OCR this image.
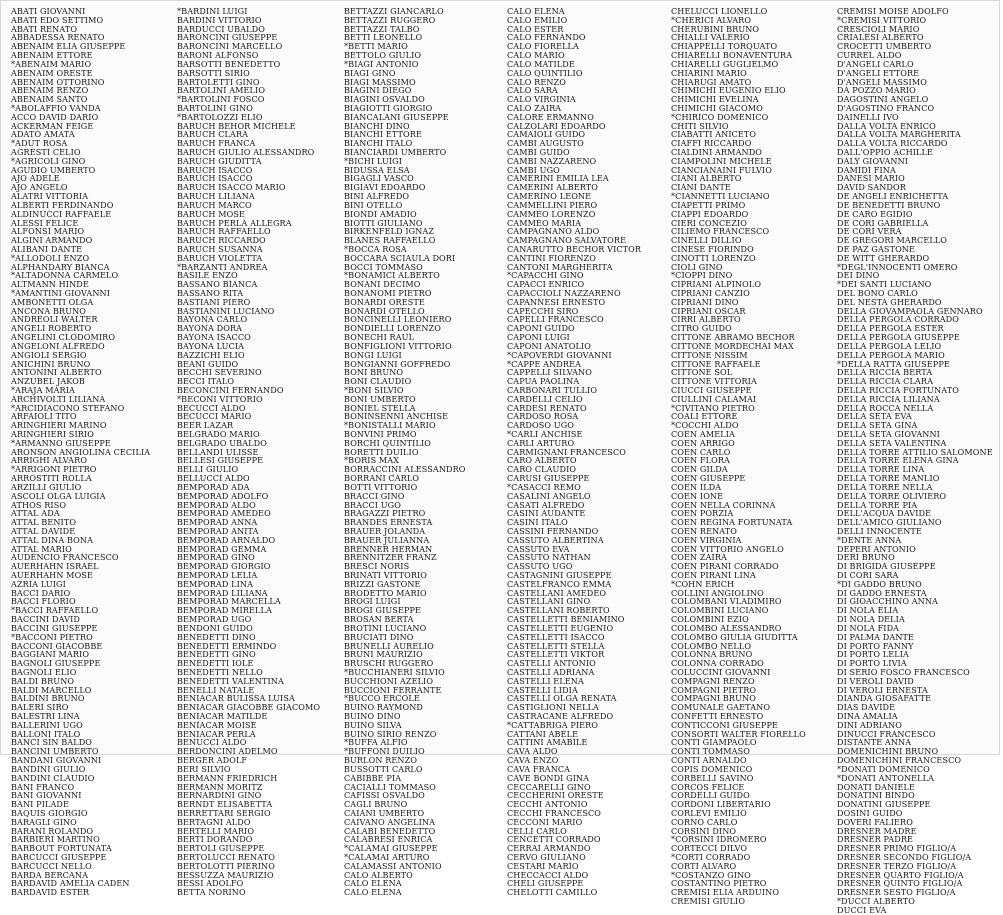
ABATI GIOVANNI
ABATI EDO SETTIMO
ABATI RENATO
ABBADESSA RENATO
ABENAIM ELIA GIUSEPPE
ABENAIM ETTORE
*ABENAIM MARIO
ABENAIM ORESTE
ABENAIM OTTORINO
ABENAIM RENZO
ABENAIM SANTO
*ABOLAFFIO VANDA
ACCO DAVID DARIO
ACKERMAN FEIGE
ADATO AMATA
*ADUT ROSA
AGRESTI CELIO
*AGRICOLI GINO
AGUDIO UMBERTO
AJO ADELE
AJO ANGELO
ALATRI VITTORIA
ALBERTI FERDINANDO
ALDINUCCI RAFFAELE
ALESSI FELICE
ALFONSI MARIO
ALGINI ARMANDO
ALIBANI DANTE
*ALLODOLI ENZO
ALPHANDARY BIANCA
*ALTADONNA CARMELO
ALTMANN HINDE
*AMANTINI GIOVANNI
AMBONETTI OLGA
ANCONA BRUNO
ANDREOLI WALTER
ANGELI ROBERTO
ANGELINI CLODOMIRO
ANGELONI ALFREDO
ANGIOLI SERGIO
ANICHINI BRUNO
ANTONINI ALBERTO
ANZUBEL JAKOB
*ARAJA MARIA
ARCHIVOLTI LILIANA
*ARCIDIACONO STEFANO
ARFAIOLI TITO
ARINGHIERI MARINO
ARINGHIERI SIRIO
*ARMANNO GIUSEPPE
ARONSON ANGIOLINA CECILIA
ARRIGHI ALVARO
*ARRIGONI PIETRO
ARROSTITI ROLLA
ARZILLI GIULIO
ASCOLI OLGA LUIGIA
ATHOS RISO
ATTAL ADA
ATTAL BENITO
ATTAL DAVIDE
ATTAL DINA BONA
ATTAL MARIO
AUDENCIO FRANCESCO
AUERHAHN ISRAEL
AUERHAHN MOSE
AZRIA LUIGI
BACCI DARIO
BACCI FLORIO
*BACCI RAFFAELLO
BACCINI DAVID
BACCINI GIUSEPPE
*BACCONI PIETRO
BACCONI GIACOBBE
BAGGIANI MARIO
BAGNOLI GIUSEPPE
BAGNOLI ELIO
BALDI BRUNO
BALDI MARCELLO
BALDINI BRUNO
BALERI SIRO
BALESTRI LINA
BALLERINI UGO
BALLONI ITALO
BANCI SIN BALDO
BANCINI UMBERTO
BANDANI GIOVANNI
BANDINI GIULIO
BANDINI CLAUDIO
BANI FRANCO
BANI GIOVANNI
BANI PILADE
BAQUIS GIORGIO
BARAGLI GINO
BARANI ROLANDO
BARBIERI MARTINO
BARBOUT FORTUNATA
BARCUCCI GIUSEPPE
BARCUCCI NELLO
BARDA BERCANA
BARDAVID AMELIA CADEN
BARDAVID ESTER
*BARDINI LUIGI
BARDINI VITTORIO
BARDUCCI UBALDO
BARONCINI GIUSEPPE
BARONCINI MARCELLO
BARONI ALFONSO
BARSOTTI BENEDETTO
BARSOTTI SIRIO
BARTOLETTI GINO
BARTOLINI AMELIO
*BARTOLINI FOSCO
BARTOLINI GINO
*BARTOLOZZI ELIO
BARUCH BEHOR MICHELE
BARUCH CLARA
BARUCH FRANCA
BARUCH GIULIO ALESSANDRO
BARUCH GIUDITTA
BARUCH ISACCO
BARUCH ISACCO
BARUCH ISACCO MARIO
BARUCH LILIANA
BARUCH MARCO
BARUCH MOSE
BARUCH PERLA ALLEGRA
BARUCH RAFFAELLO
BARUCH RICCARDO
BARUCH SUSANNA
BARUCH VIOLETTA
*BARZANTI ANDREA
BASILE ENZO
BASSANO BIANCA
BASSANO RITA
BASTIANI PIERO
BASTIANINI LUCIANO
BAYONA CARLO
BAYONA DORA
BAYONA ISACCO
BAYONA LUCIA
BAZZICHI ELIO
BEANI GUIDO
BECCHI SEVERINO
BECCI ITALO
BECONCINI FERNANDO
*BECONI VITTORIO
BECUCCI ALDO
BECUCCI MARIO
BEER LAZAR
BELGRADO MARIO
BELGRADO UBALDO
BELLANDI ULISSE
BELLESI GIUSEPPE
BELLI GIULIO
BELLUCCI ALDO
BEMPORAD ADA
BEMPORAD ADOLFO
BEMPORAD ALDO
BEMPORAD AMEDEO
BEMPORAD ANNA
BEMPORAD ANITA
BEMPORAD ARNALDO
BEMPORAD GEMMA
BEMPORAD GINO
BEMPORAD GIORGIO
BEMPORAD LELIA
BEMPORAD LINA
BEMPORAD LILIANA
BEMPORAD MARCELLA
BEMPORAD MIRELLA
BEMPORAD UGO
BENDONI GUIDO
BENEDETTI DINO
BENEDETTI ERMINDO
BENEDETTI GINO
BENEDETTI IOLE
BENEDETTI NELLO
BENEDETTI VALENTINA
BENELLI NATALE
BENIACAR BULISSA LUISA
BENIACAR GIACOBBE GIACOMO
BENIACAR MATILDE
BENIACAR MOISE
BENIACAR PERLA
BENUCCI ALDO
BERDONCINI ADELMO
BERGER ADOLF
BERI SILVIO
BERMANN FRIEDRICH
BERMANN MORITZ
BERNARDINI GINO
BERNDT ELISABETTA
BERRETTARI SERGIO
BERTAGNI ALDO
BERTELLI MARIO
BERTI DORANDO
BERTOLI GIUSEPPE
BERTOLUCCI RENATO
BERTOLOTTI PIERINO
BESSUZZA MAURIZIO
BESSI ADOLFO
BETTA NORINO
BETTAZZI GIANCARLO
BETTAZZI RUGGERO
BETTAZZI TALBO
BETTI LEONELLO
*BETTI MARIO
BETTOLO GIULIO
*BIAGI ANTONIO
BIAGI GINO
BIAGI MASSIMO
BIAGINI DIEGO
BIAGINI OSVALDO
BIAGIOTTI GIORGIO
BIANCALANI GIUSEPPE
BIANCHI DINO
BIANCHI ETTORE
BIANCHI ITALO
BIANCIARDI UMBERTO
*BICHI LUIGI
BIDUSSA ELSA
BIGAGLI VASCO
BIGIAVI EDOARDO
BINI ALFREDO
BINI OTELLO
BIONDI AMADIO
BIOTTI GIULIANO
BIRKENFELD IGNAZ
BLANES RAFFAELLO
*BOCCA ROSA
BOCCARA SCIAULA DORI
BOCCI TOMMASO
*BONAMICI ALBERTO
BONANI DECIMO
BONANOMI PIETRO
BONARDI ORESTE
BONARDI OTELLO
BONCINELLI LEONIERO
BONDIELLI LORENZO
BONECHI RAUL
BONFIGLIONI VITTORIO
BONGI LUIGI
BONGIANNI GOFFREDO
BONI BRUNO
BONI CLAUDIO
*BONI SILVIO
BONI UMBERTO
BONIEL STELLA
BONINSENNI ANCHISE
*BONISTALLI MARIO
BONVINI PRIMO
BORCHI QUINTILIO
BORETTI DUILIO
*BORIS MAX
BORRACCINI ALESSANDRO
BORRANI CARLO
BOTTI VITTORIO
BRACCI GINO
BRACCI UGO
BRAGAZZI PIETRO
BRANDES ERNESTA
BRAUER JOLANDA
BRAUER JULIANNA
BRENNER HERMAN
BRENNITZER FRANZ
BRESCI NORIS
BRINATI VITTORIO
BRIZZI GASTONE
BRODETTO MARIO
BROGI LUIGI
BROGI GIUSEPPE
BROSAN BERTA
BROTINI LUCIANO
BRUCIATI DINO
BRUNELLI AURELIO
BRUNI MAURIZIO
BRUSCHI RUGGERO
*BUCCHIANERI SILVIO
BUCCHIONI AZELIO
BUCCIONI FERRANTE
*BUCCO ERCOLE
BUINO RAYMOND
BUINO DINO
BUINO SILVA
BUINO SIRIO RENZO
*BUFFA ALFIO
*BUFFONI DUILIO
BURLON RENZO
BUSSOTTI CARLO
CABIBBE PIA
CACIALLI TOMMASO
CAFISSI OSVALDO
CAGLI BRUNO
CAIANI UMBERTO
CAIVANO ANGELINA
CALABI BENEDETTO
CALABRESI ENRICA
*CALAMAI GIUSEPPE
*CALAMAI ARTURO
CALAMASSI ANTONIO
CALO ALBERTO
CALO ELENA
CALO ELENA
CALO ELENA
CALO EMILIO
CALO ESTER
CALO FERNANDO
CALO FIORELLA
CALO MARIO
CALO MATILDE
CALO QUINTILIO
CALO RENZO
CALO SARA
CALO VIRGINIA
CALO ZAIRA
CALORE ERMANNO
CALZOLARI EDOARDO
CAMAIOLI GUIDO
CAMBI AUGUSTO
CAMBI GUIDO
CAMBI NAZZARENO
CAMBI UGO
CAMERINI EMILIA LEA
CAMERINI ALBERTO
CAMERINO LEONE
CAMMELLINI PIERO
CAMMEO LORENZO
CAMMEO MARIA
CAMPAGNANO ALDO
CAMPAGNANO SALVATORE
CANARUTTO BECHOR VICTOR
CANTINI FIORENZO
CANTONI MARGHERITA
*CAPACCHI GINO
CAPACCI ENRICO
CAPACCIOLI NAZZARENO
CAPANNESI ERNESTO
CAPECCHI SIRO
CAPELLI FRANCESCO
CAPONI GUIDO
CAPONI LUIGI
CAPONI ANATOLIO
*CAPOVERDI GIOVANNI
*CAPPE ANDREA
CAPPELLI SILVANO
CAPUA PAOLINA
CARBONARI TULLIO
CARDELLI CELIO
CARDESI RENATO
CARDOSO ROSA
CARDOSO UGO
*CARLI ANCHISE
CARLI ARTURO
CARMIGNANI FRANCESCO
CARO ALBERTO
CARO CLAUDIO
CARUSI GIUSEPPE
*CASACCI REMO
CASALINI ANGELO
CASATI ALFREDO
CASINI AUDANTE
CASINI ITALO
CASSINI FERNANDO
CASSUTO ALBERTINA
CASSUTO EVA
CASSUTO NATHAN
CASSUTO UGO
CASTAGNINI GIUSEPPE
CASTELFRANCO EMMA
CASTELLANI AMEDEO
CASTELLANI GINO
CASTELLANI ROBERTO
CASTELLETTI BENIAMINO
CASTELLETTI EUGENIO
CASTELLETTI ISACCO
CASTELLETTI STELLA
CASTELLETTI VIKTOR
CASTELLI ANTONIO
CASTELLI ADRIANA
CASTELLI ELENA
CASTELLI LIDIA
CASTELLI OLGA RENATA
CASTIGLIONI NELLA
CASTRACANE ALFREDO
*CATTABRIGA PIERO
CATTANI ABELE
CATTINI AMABILE
CAVA ALDO
CAVA ENZO
CAVA FRANCA
CAVE BONDI GINA
CECCARELLI GINO
CECCHERINI ORESTE
CECCHI ANTONIO
CECCHI FRANCESCO
CECCONI MARIO
CELLI CARLO
CENCETTI CORRADO
CERRAI ARMANDO
CERVO GIULIANO
CESTARI MARIO
CHECCACCI ALDO
CHELI GIUSEPPE
CHELOTTI CAMILLO
CHELUCCI LIONELLO
*CHERICI ALVARO
CHERUBINI BRUNO
CHIALLI VALERIO
CHIAPPELLI TORQUATO
CHIARELLI BONAVENTURA
CHIARELLI GUGLIELMO
CHIARINI MARIO
CHIARUGI AMATO
CHIMICHI EUGENIO ELIO
CHIMICHI EVELINA
CHIMICHI GIACOMO
*CHIRICO DOMENICO
CHITI SILVIO
CIABATTI ANICETO
CIAFFI RICCARDO
CIALDINI ARMANDO
CIAMPOLINI MICHELE
CIANCIANAINI FULVIO
CIANI ALBERTO
CIANI DANTE
*CIANNETTI LUCIANO
CIAPETTI PRIMO
CIAPPI EDOARDO
CIERI CONCEZIO
CILIEMO FRANCESCO
CINELLI DILLIO
CINESE FIORINDO
CINOTTI LORENZO
CIOLI GINO
*CIOPPI DINO
CIPRIANI ALPINOLO
CIPRIANI CANZIO
CIPRIANI DINO
CIPRIANI OSCAR
CIRRI ALBERTO
CITRO GUIDO
CITTONE ABRAMO BECHOR
CITTONE MORDECHAI MAX
CITTONE NISSIM
CITTONE RAFFAELE
CITTONE SOL
CITTONE VITTORIA
CIUCCI GIUSEPPE
CIULLINI CALAMAI
*CIVITANO PIETRO
COALI ETTORE
*COCCHI ALDO
COEN AMELIA
COEN ARRIGO
COEN CARLO
COEN FLORA
COEN GILDA
COEN GIUSEPPE
COEN ILDA
COEN IONE
COEN NELLA CORINNA
COEN PORZIA
COEN REGINA FORTUNATA
COEN RENATO
COEN VIRGINIA
COEN VITTORIO ANGELO
COEN ZAIRA
COEN PIRANI CORRADO
COEN PIRANI LINA
*COHN ERICH
COLLINI ANGIOLINO
COLOMBANI VLADIMIRO
COLOMBINI LUCIANO
COLOMBINI EZIO
COLOMBO ALESSANDRO
COLOMBO GIULIA GIUDITTA
COLOMBO NELLO
COLONNA BRUNO
COLONNA CORRADO
COLUCCINI GIOVANNI
COMPAGNI RENZO
COMPAGNI PIETRO
COMPAGNI BRUNO
COMUNALE GAETANO
CONFETTI ERNESTO
CONTICCONI GIUSEPPE
CONSORTI WALTER FIORELLO
CONTI GIAMPAOLO
CONTI TOMMASO
CONTI ARNALDO
COPIS DOMENICO
CORBELLI SAVINO
CORCOS FELICE
CORDELLI GUIDO
CORDONI LIBERTARIO
CORLEVI EMILIO
CORNO CARLO
CORSINI DINO
*CORSINI IDROMERO
CORTECCI DILVO
*CORTI CORRADO
CORTI ALVARO
*COSTANZO GINO
COSTANTINO PIETRO
CREMISI ELIA ARDUINO
CREMISI GIULIO
CREMISI MOISE ADOLFO
*CREMISI VITTORIO
CRESCIOLI MARIO
CRIALESI ALBERTO
CROCETTI UMBERTO
CURREL ALDO
D'ANGELI CARLO
D'ANGELI ETTORE
D'ANGELI MASSIMO
DA POZZO MARIO
DAGOSTINI ANGELO
D'AGOSTINO FRANCO
DAINELLI IVO
DALLA VOLTA ENRICO
DALLA VOLTA MARGHERITA
DALLA VOLTA RICCARDO
DALL'OPPIO ACHILLE
DALY GIOVANNI
DAMIDI FINA
DANESI MARIO
DAVID SANDOR
DE ANGELI ENRICHETTA
DE BENEDETTI BRUNO
DE CARO EGIDIO
DE CORI GABRIELLA
DE CORI VERA
DE GREGORI MARCELLO
DE PAZ GASTONE
DE WITT GHERARDO
*DEGL'INNOCENTI OMERO
DEI DINO
*DEI SANTI LUCIANO
DEL BONO CARLO
DEL NESTA GHERARDO
DELLA GIOVAMPAOLA GENNARO
DELLA PERGOLA CORRADO
DELLA PERGOLA ESTER
DELLA PERGOLA GIUSEPPE
DELLA PERGOLA LELIO
DELLA PERGOLA MARIO
*DELLA RATTA GIUSEPPE
DELLA RICCIA BERTA
DELLA RICCIA CLARA
DELLA RICCIA FORTUNATO
DELLA RICCIA LILIANA
DELLA ROCCA NELLA
DELLA SETA EVA
DELLA SETA GINA
DELLA SETA GIOVANNI
DELLA SETA VALENTINA
DELLA TORRE ATTILIO SALOMONE
DELLA TORRE ELENA GINA
DELLA TORRE LINA
DELLA TORRE MANLIO
DELLA TORRE NELLA
DELLA TORRE OLIVIERO
DELLA TORRE PIA
DELL'ACQUA DAVIDE
DELL'AMICO GIULIANO
DELLI INNOCENTE
*DENTE ANNA
DEPERI ANTONIO
DERI BRUNO
DI BRIGIDA GIUSEPPE
DI CORI SARA
*DI GADDO BRUNO
DI GADDO ERNESTA
DI GIOACCHINO ANNA
DI NOLA ELIA
DI NOLA DELIA
DI NOLA FIDA
DI PALMA DANTE
DI PORTO FANNY
DI PORTO LELIA
DI PORTO LIVIA
DI SERIO FOSCO FRANCESCO
DI VEROLI DAVID
DI VEROLI ERNESTA
DIANDA GIOSAFATTE
DIAS DAVIDE
DINA AMALIA
DINI ADRIANO
DINUCCI FRANCESCO
DISTANTE ANNA
DOMENICHINI BRUNO
DOMENICHINI FRANCESCO
*DONATI DOMENICO
*DONATI ANTONELLA
DONATI DANIELE
DONATINI BINDO
DONATINI GIUSEPPE
DOSINI GUIDO
DOVERI FALIERO
DRESNER MADRE
DRESNER PADRE
DRESNER PRIMO FIGLIO/A
DRESNER SECONDO FIGLIO/A
DRESNER TERZO FIGLIO/A
DRESNER QUARTO FIGLIO/A
DRESNER QUINTO FIGLIO/A
DRESNER SESTO FIGLIO/A
*DUCCI ALBERTO
DUCCI EVA
